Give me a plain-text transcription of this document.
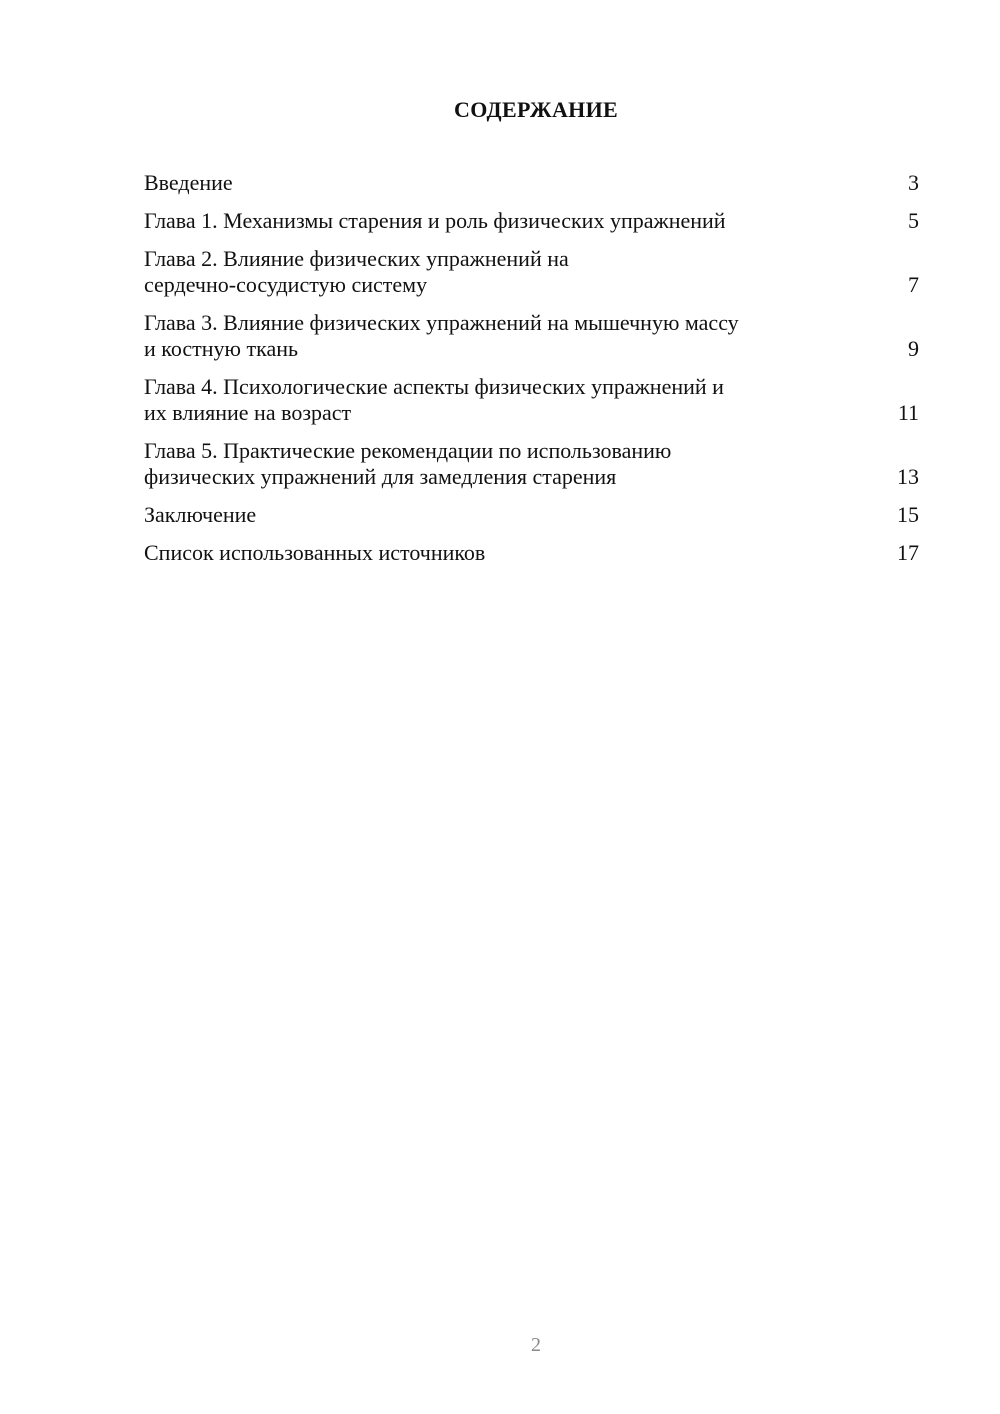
СОДЕРЖАНИЕ
Введение	3
Глава 1. Механизмы старения и роль физических упражнений	5
Глава 2. Влияние физических упражнений на
сердечно-сосудистую систему	7
Глава 3. Влияние физических упражнений на мышечную массу
и костную ткань	9
Глава 4. Психологические аспекты физических упражнений и
их влияние на возраст	11
Глава 5. Практические рекомендации по использованию
физических упражнений для замедления старения	13
Заключение	15
Список использованных источников	17
2
